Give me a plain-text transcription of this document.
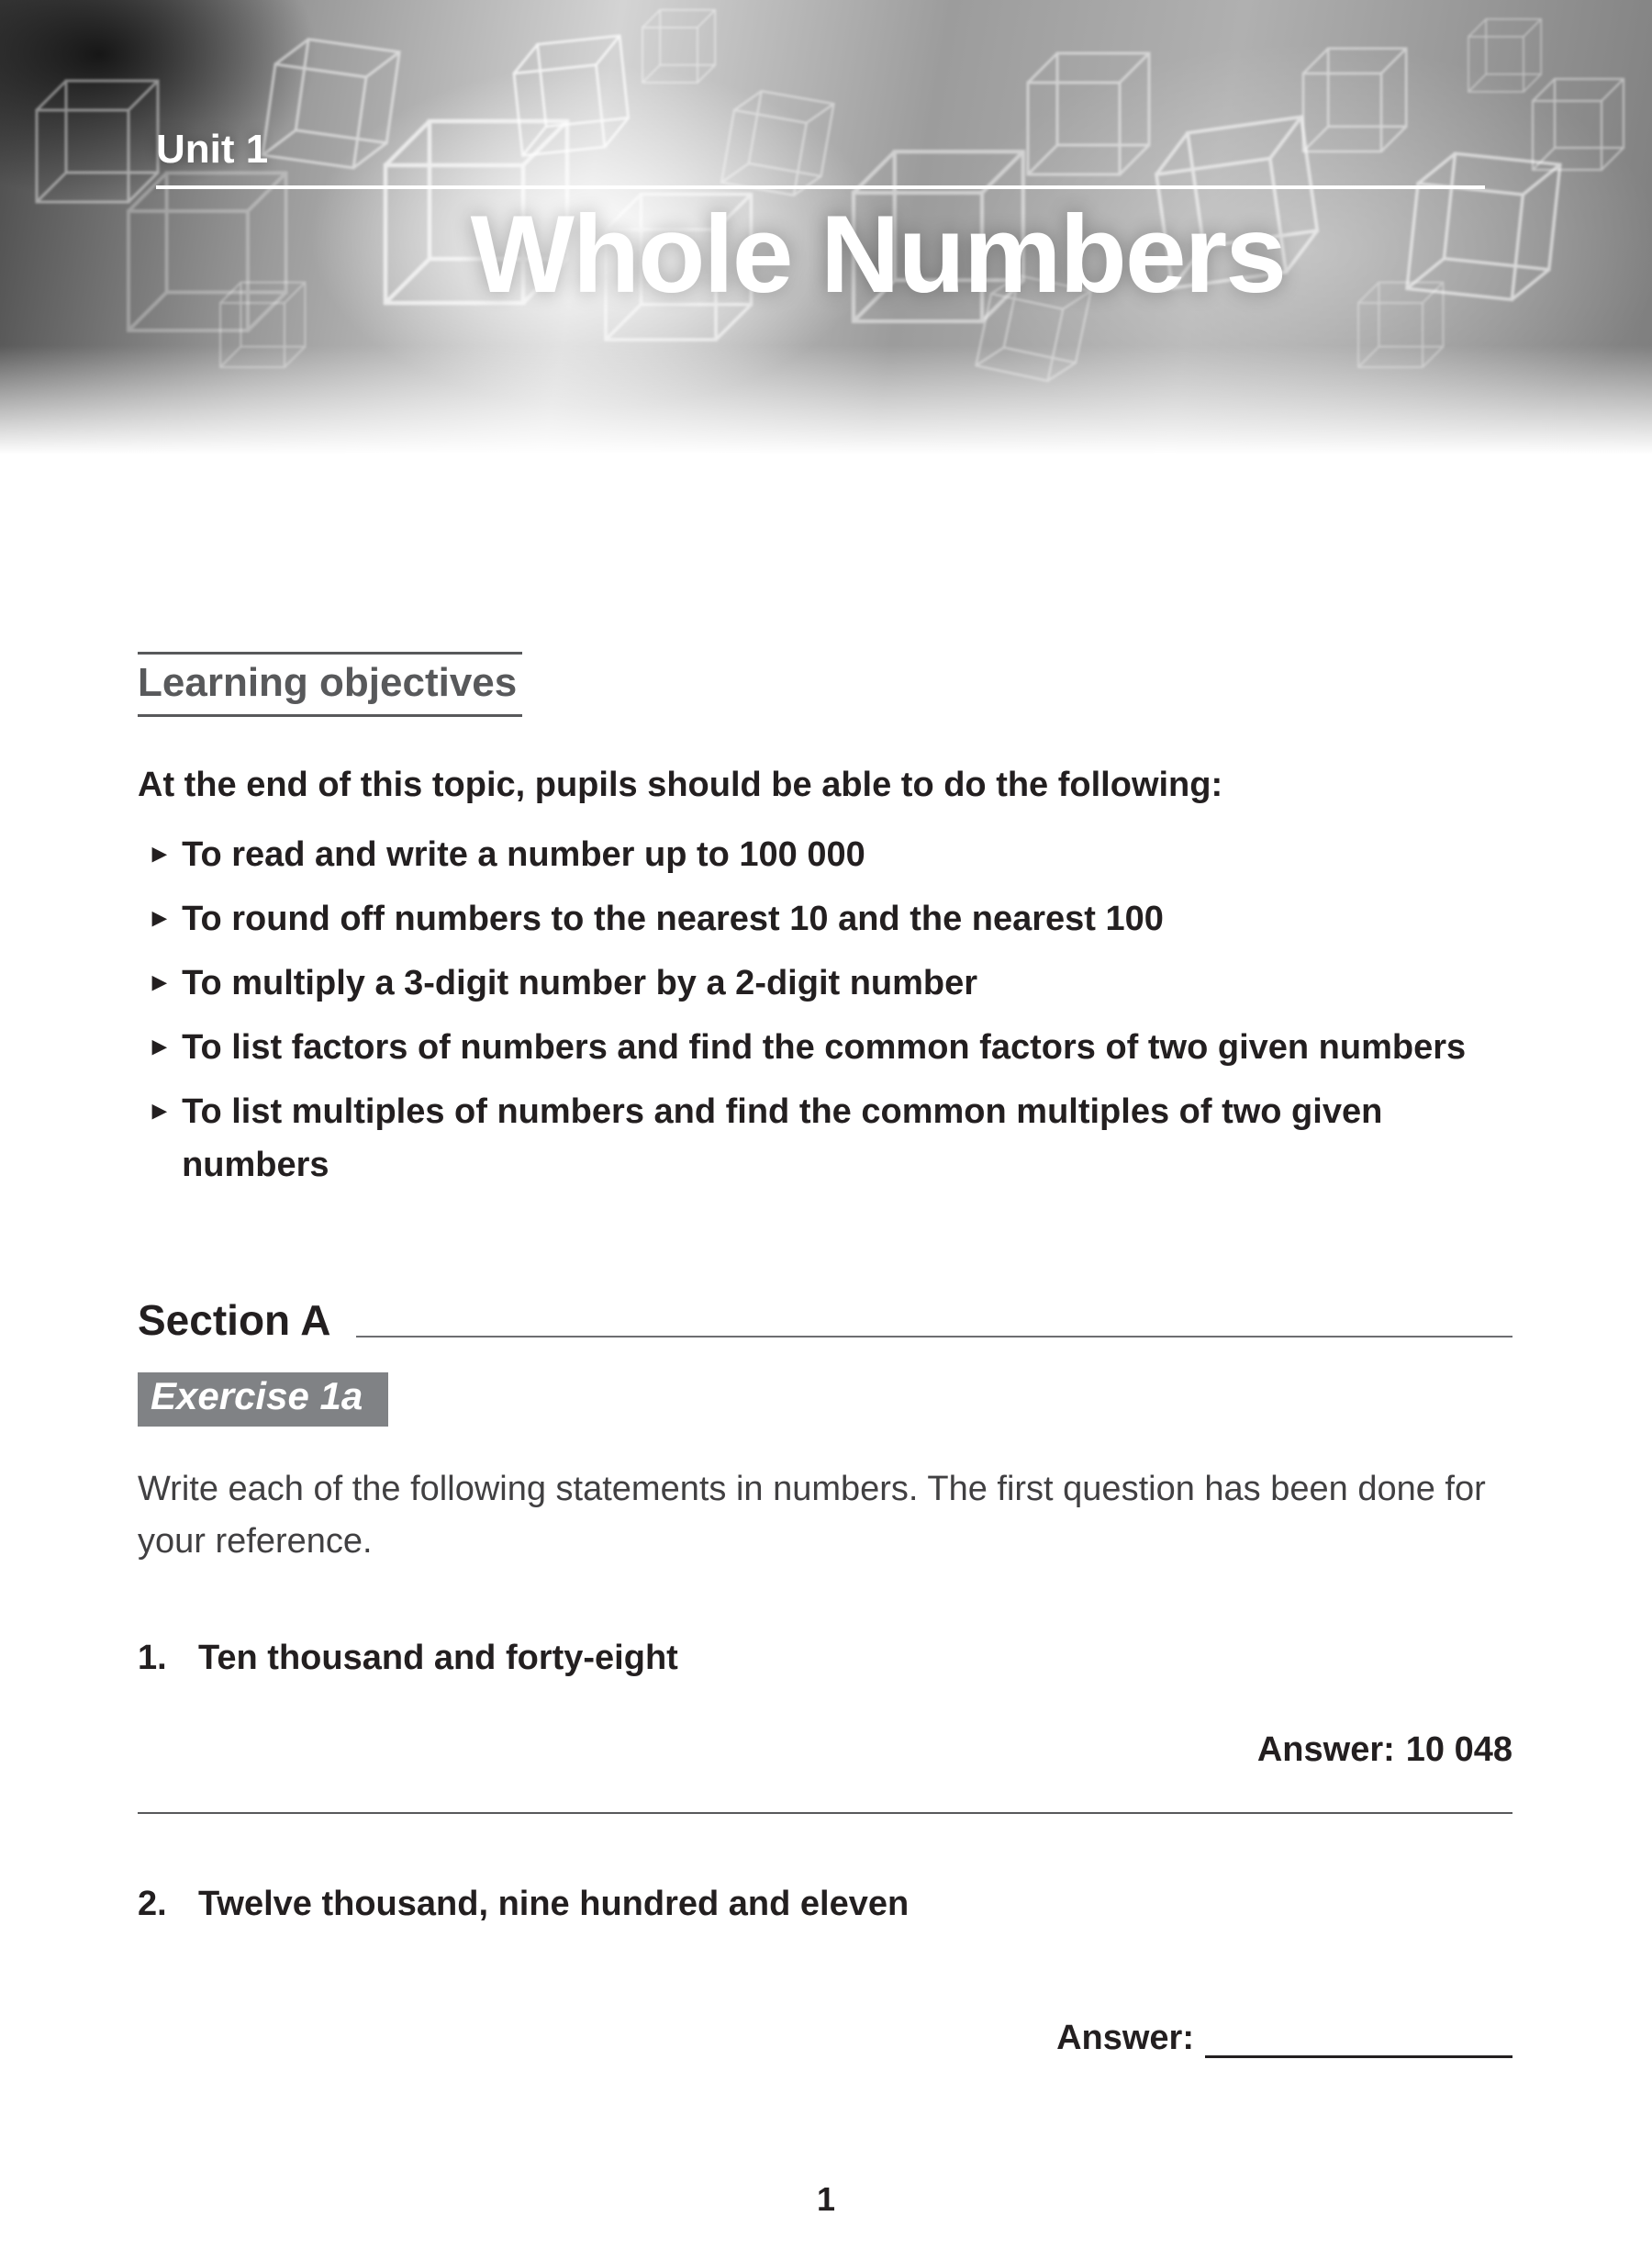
Unit 1
Whole Numbers
Learning objectives

At the end of this topic, pupils should be able to do the following:

▸ To read and write a number up to 100 000
▸ To round off numbers to the nearest 10 and the nearest 100
▸ To multiply a 3-digit number by a 2-digit number
▸ To list factors of numbers and find the common factors of two given numbers
▸ To list multiples of numbers and find the common multiples of two given numbers
Section A
Exercise 1a

Write each of the following statements in numbers. The first question has been done for your reference.

1. Ten thousand and forty-eight
Answer: 10 048
2. Twelve thousand, nine hundred and eleven
Answer:
1
